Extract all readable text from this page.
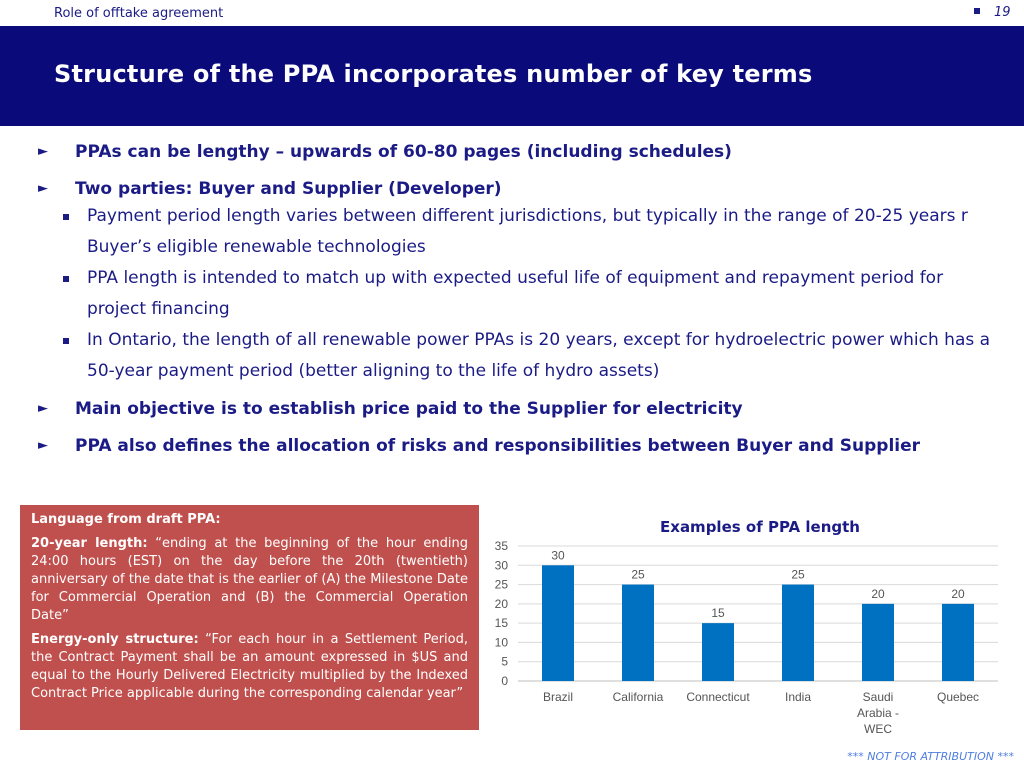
Role of offtake agreement	19
Structure of the PPA incorporates number of key terms
► PPAs can be lengthy – upwards of 60-80 pages (including schedules)
► Two parties: Buyer and Supplier (Developer)
Payment period length varies between different jurisdictions, but typically in the range of 20-25 years r Buyer’s eligible renewable technologies
PPA length is intended to match up with expected useful life of equipment and repayment period for project financing
In Ontario, the length of all renewable power PPAs is 20 years, except for hydroelectric power which has a 50-year payment period (better aligning to the life of hydro assets)
► Main objective is to establish price paid to the Supplier for electricity
► PPA also defines the allocation of risks and responsibilities between Buyer and Supplier
Language from draft PPA:

20-year length: “ending at the beginning of the hour ending 24:00 hours (EST) on the day before the 20th (twentieth) anniversary of the date that is the earlier of (A) the Milestone Date for Commercial Operation and (B) the Commercial Operation Date”

Energy-only structure: “For each hour in a Settlement Period, the Contract Payment shall be an amount expressed in $US and equal to the Hourly Delivered Electricity multiplied by the Indexed Contract Price applicable during the corresponding calendar year”

Examples of PPA length
0
5
10
15
20
25
30
35
30
Brazil
25
California
15
Connecticut
25
India
20
Saudi
Arabia -
WEC
20
Quebec
*** NOT FOR ATTRIBUTION ***
